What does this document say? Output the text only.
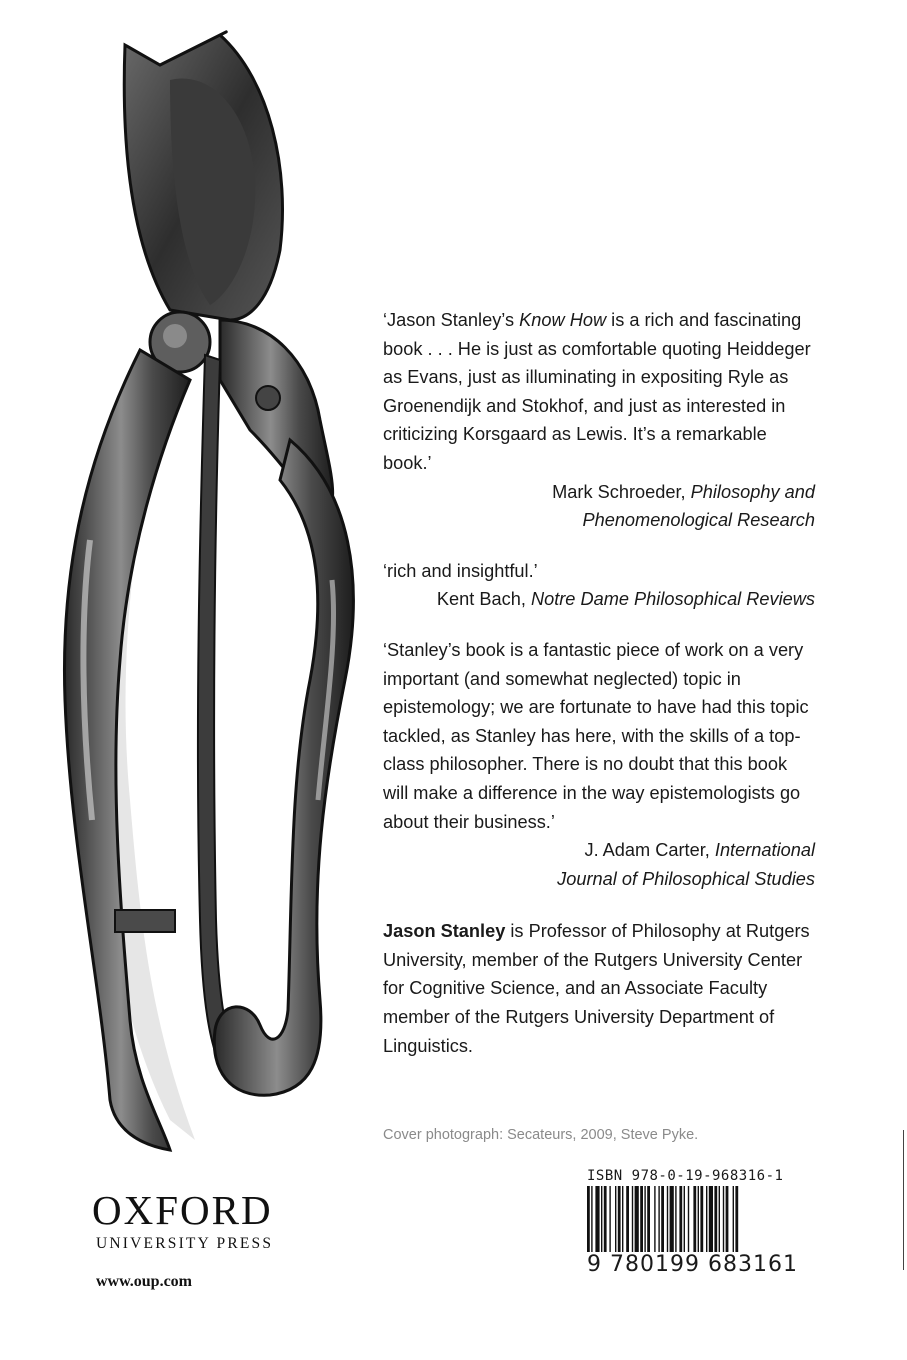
‘Jason Stanley’s Know How is a rich and fascinating book . . . He is just as comfortable quoting Heiddeger as Evans, just as illuminating in expositing Ryle as Groenendijk and Stokhof, and just as interested in criticizing Korsgaard as Lewis. It’s a remarkable book.’

Mark Schroeder, Philosophy and
Phenomenological Research

‘rich and insightful.’

Kent Bach, Notre Dame Philosophical Reviews

‘Stanley’s book is a fantastic piece of work on a very important (and somewhat neglected) topic in epistemology; we are fortunate to have had this topic tackled, as Stanley has here, with the skills of a top-class philosopher. There is no doubt that this book will make a difference in the way epistemologists go about their business.’

J. Adam Carter, International
Journal of Philosophical Studies

Jason Stanley is Professor of Philosophy at Rutgers University, member of the Rutgers University Center for Cognitive Science, and an Associate Faculty member of the Rutgers University Department of Linguistics.

Cover photograph: Secateurs, 2009, Steve Pyke.
ISBN 978-0-19-968316-1
9 780199 683161
OXFORD
UNIVERSITY PRESS
www.oup.com
